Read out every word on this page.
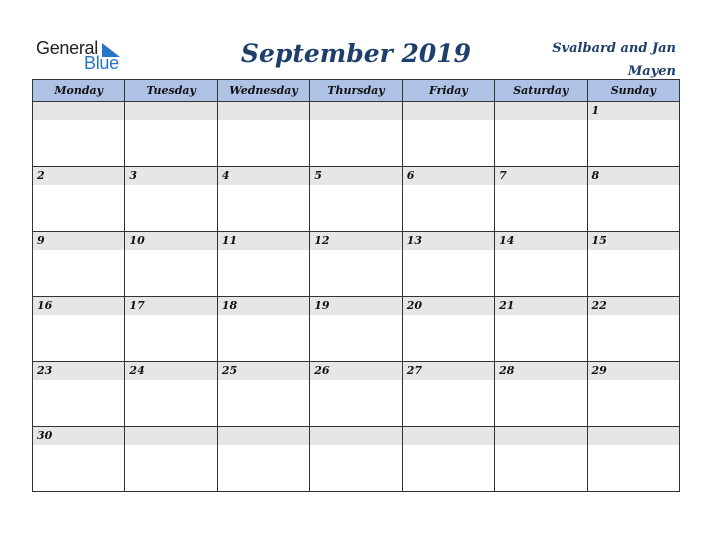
General
Blue	September 2019	Svalbard and Jan Mayen
Monday	Tuesday	Wednesday	Thursday	Friday	Saturday	Sunday

						1

2	3	4	5	6	7	8

9	10	11	12	13	14	15

16	17	18	19	20	21	22

23	24	25	26	27	28	29

30						
